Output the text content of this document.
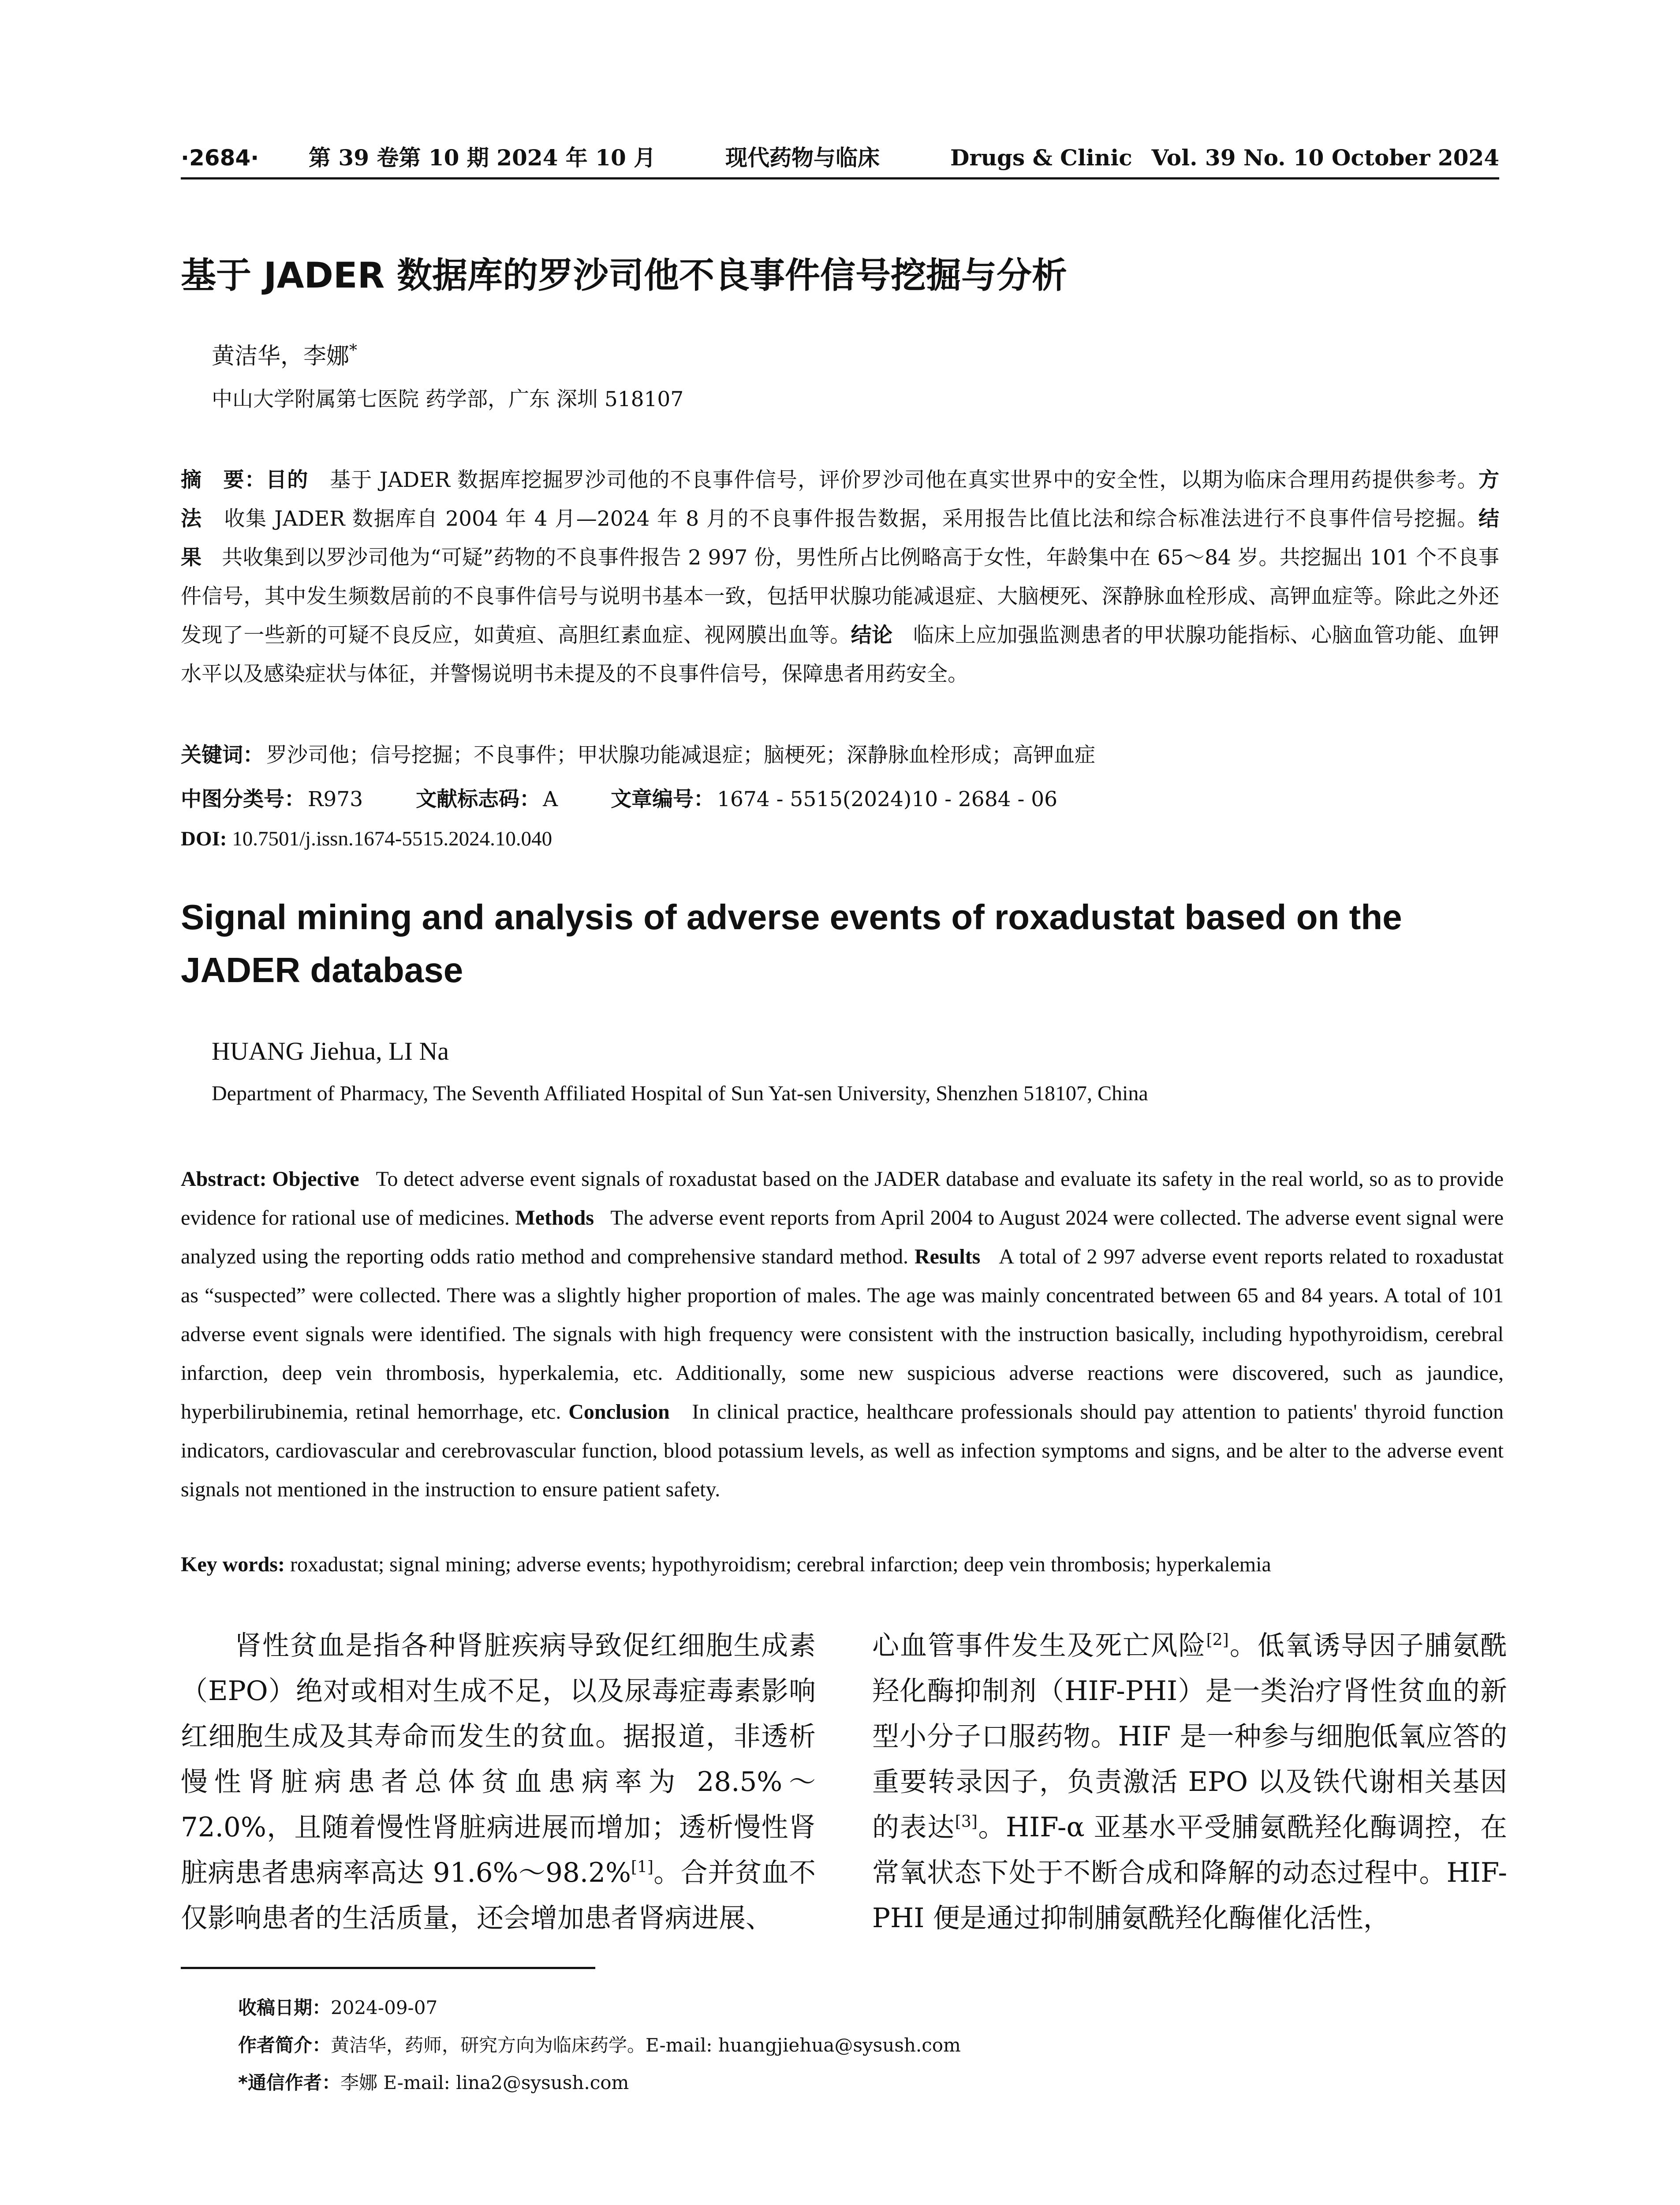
·2684· 第 39 卷第 10 期 2024 年 10 月	现代药物与临床	Drugs & Clinic Vol. 39 No. 10 October 2024
基于 JADER 数据库的罗沙司他不良事件信号挖掘与分析
黄洁华，李娜*
中山大学附属第七医院 药学部，广东 深圳 518107
摘　要：目的 基于 JADER 数据库挖掘罗沙司他的不良事件信号，评价罗沙司他在真实世界中的安全性，以期为临床合理用药提供参考。方法 收集 JADER 数据库自 2004 年 4 月—2024 年 8 月的不良事件报告数据，采用报告比值比法和综合标准法进行不良事件信号挖掘。结果 共收集到以罗沙司他为“可疑”药物的不良事件报告 2 997 份，男性所占比例略高于女性，年龄集中在 65～84 岁。共挖掘出 101 个不良事件信号，其中发生频数居前的不良事件信号与说明书基本一致，包括甲状腺功能减退症、大脑梗死、深静脉血栓形成、高钾血症等。除此之外还发现了一些新的可疑不良反应，如黄疸、高胆红素血症、视网膜出血等。结论 临床上应加强监测患者的甲状腺功能指标、心脑血管功能、血钾水平以及感染症状与体征，并警惕说明书未提及的不良事件信号，保障患者用药安全。
关键词： 罗沙司他；信号挖掘；不良事件；甲状腺功能减退症；脑梗死；深静脉血栓形成；高钾血症
中图分类号： R973	文献标志码： A	文章编号： 1674 - 5515(2024)10 - 2684 - 06
DOI: 10.7501/j.issn.1674-5515.2024.10.040
Signal mining and analysis of adverse events of roxadustat based on the JADER database
HUANG Jiehua, LI Na
Department of Pharmacy, The Seventh Affiliated Hospital of Sun Yat-sen University, Shenzhen 518107, China
Abstract: Objective To detect adverse event signals of roxadustat based on the JADER database and evaluate its safety in the real world, so as to provide evidence for rational use of medicines. Methods The adverse event reports from April 2004 to August 2024 were collected. The adverse event signal were analyzed using the reporting odds ratio method and comprehensive standard method. Results A total of 2 997 adverse event reports related to roxadustat as “suspected” were collected. There was a slightly higher proportion of males. The age was mainly concentrated between 65 and 84 years. A total of 101 adverse event signals were identified. The signals with high frequency were consistent with the instruction basically, including hypothyroidism, cerebral infarction, deep vein thrombosis, hyperkalemia, etc. Additionally, some new suspicious adverse reactions were discovered, such as jaundice, hyperbilirubinemia, retinal hemorrhage, etc. Conclusion In clinical practice, healthcare professionals should pay attention to patients' thyroid function indicators, cardiovascular and cerebrovascular function, blood potassium levels, as well as infection symptoms and signs, and be alter to the adverse event signals not mentioned in the instruction to ensure patient safety.
Key words: roxadustat; signal mining; adverse events; hypothyroidism; cerebral infarction; deep vein thrombosis; hyperkalemia
肾性贫血是指各种肾脏疾病导致促红细胞生成素（EPO）绝对或相对生成不足，以及尿毒症毒素影响红细胞生成及其寿命而发生的贫血。据报道，非透析慢性肾脏病患者总体贫血患病率为 28.5%～72.0%，且随着慢性肾脏病进展而增加；透析慢性肾脏病患者患病率高达 91.6%～98.2%[1]。合并贫血不仅影响患者的生活质量，还会增加患者肾病进展、
心血管事件发生及死亡风险[2]。低氧诱导因子脯氨酰羟化酶抑制剂（HIF-PHI）是一类治疗肾性贫血的新型小分子口服药物。HIF 是一种参与细胞低氧应答的重要转录因子，负责激活 EPO 以及铁代谢相关基因的表达[3]。HIF-α 亚基水平受脯氨酰羟化酶调控，在常氧状态下处于不断合成和降解的动态过程中。HIF-PHI 便是通过抑制脯氨酰羟化酶催化活性，
收稿日期：2024-09-07
作者简介：黄洁华，药师，研究方向为临床药学。E-mail: huangjiehua@sysush.com
*通信作者：李娜 E-mail: lina2@sysush.com
